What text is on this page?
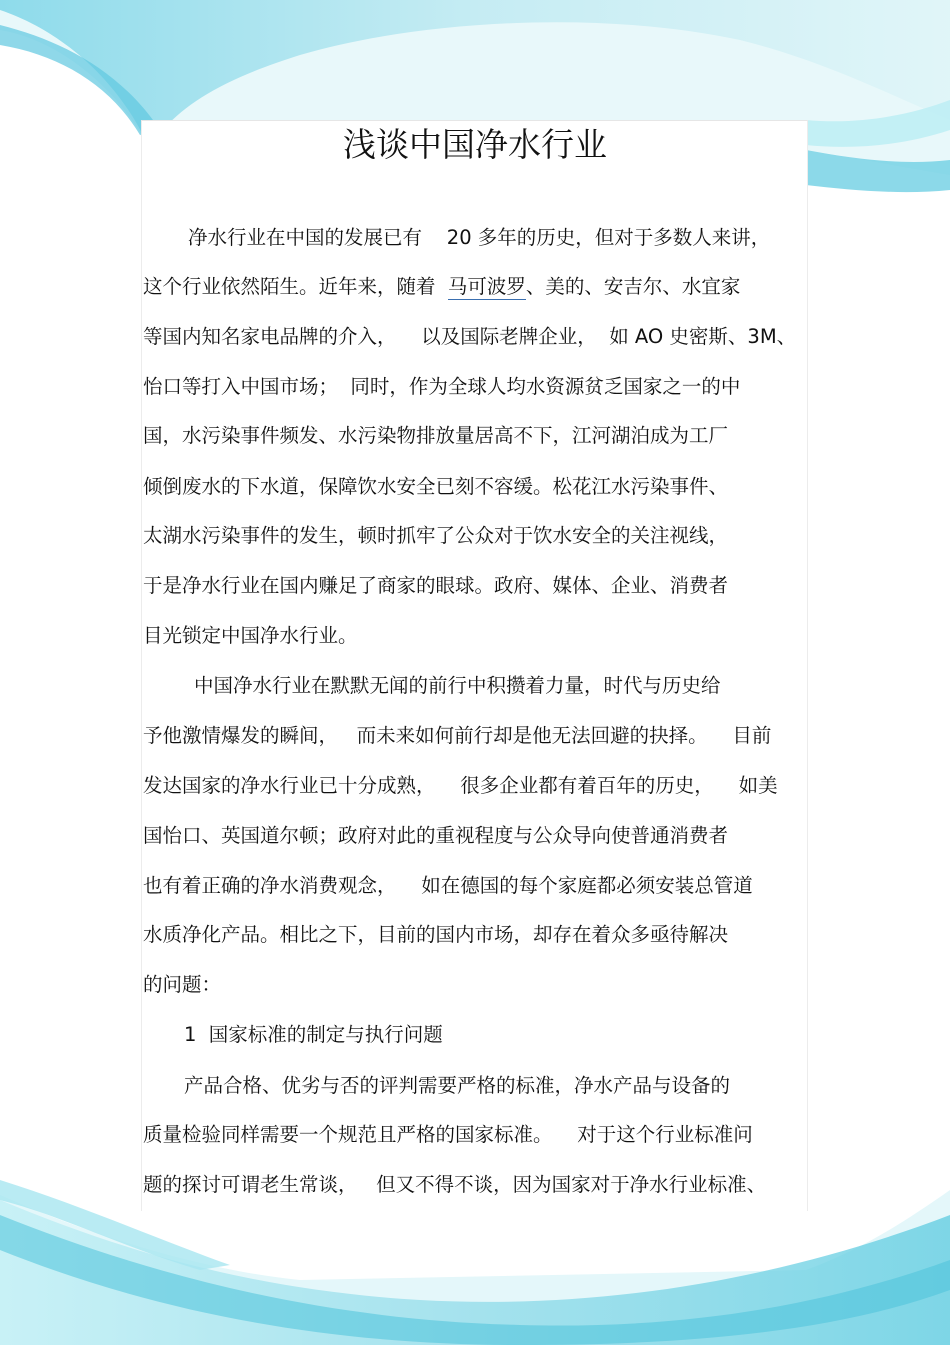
浅谈中国净水行业

净水行业在中国的发展已有    20 多年的历史，但对于多数人来讲，

这个行业依然陌生。近年来，随着  马可波罗、美的、安吉尔、水宜家

等国内知名家电品牌的介入，    以及国际老牌企业，  如 AO 史密斯、3M、

怡口等打入中国市场；  同时，作为全球人均水资源贫乏国家之一的中

国，水污染事件频发、水污染物排放量居高不下，江河湖泊成为工厂

倾倒废水的下水道，保障饮水安全已刻不容缓。松花江水污染事件、

太湖水污染事件的发生，顿时抓牢了公众对于饮水安全的关注视线，

于是净水行业在国内赚足了商家的眼球。政府、媒体、企业、消费者

目光锁定中国净水行业。

中国净水行业在默默无闻的前行中积攒着力量，时代与历史给

予他激情爆发的瞬间，   而未来如何前行却是他无法回避的抉择。    目前

发达国家的净水行业已十分成熟，    很多企业都有着百年的历史，    如美

国怡口、英国道尔顿；政府对此的重视程度与公众导向使普通消费者

也有着正确的净水消费观念，    如在德国的每个家庭都必须安装总管道

水质净化产品。相比之下，目前的国内市场，却存在着众多亟待解决

的问题：

1  国家标准的制定与执行问题

产品合格、优劣与否的评判需要严格的标准，净水产品与设备的

质量检验同样需要一个规范且严格的国家标准。    对于这个行业标准问

题的探讨可谓老生常谈，   但又不得不谈，因为国家对于净水行业标准、
